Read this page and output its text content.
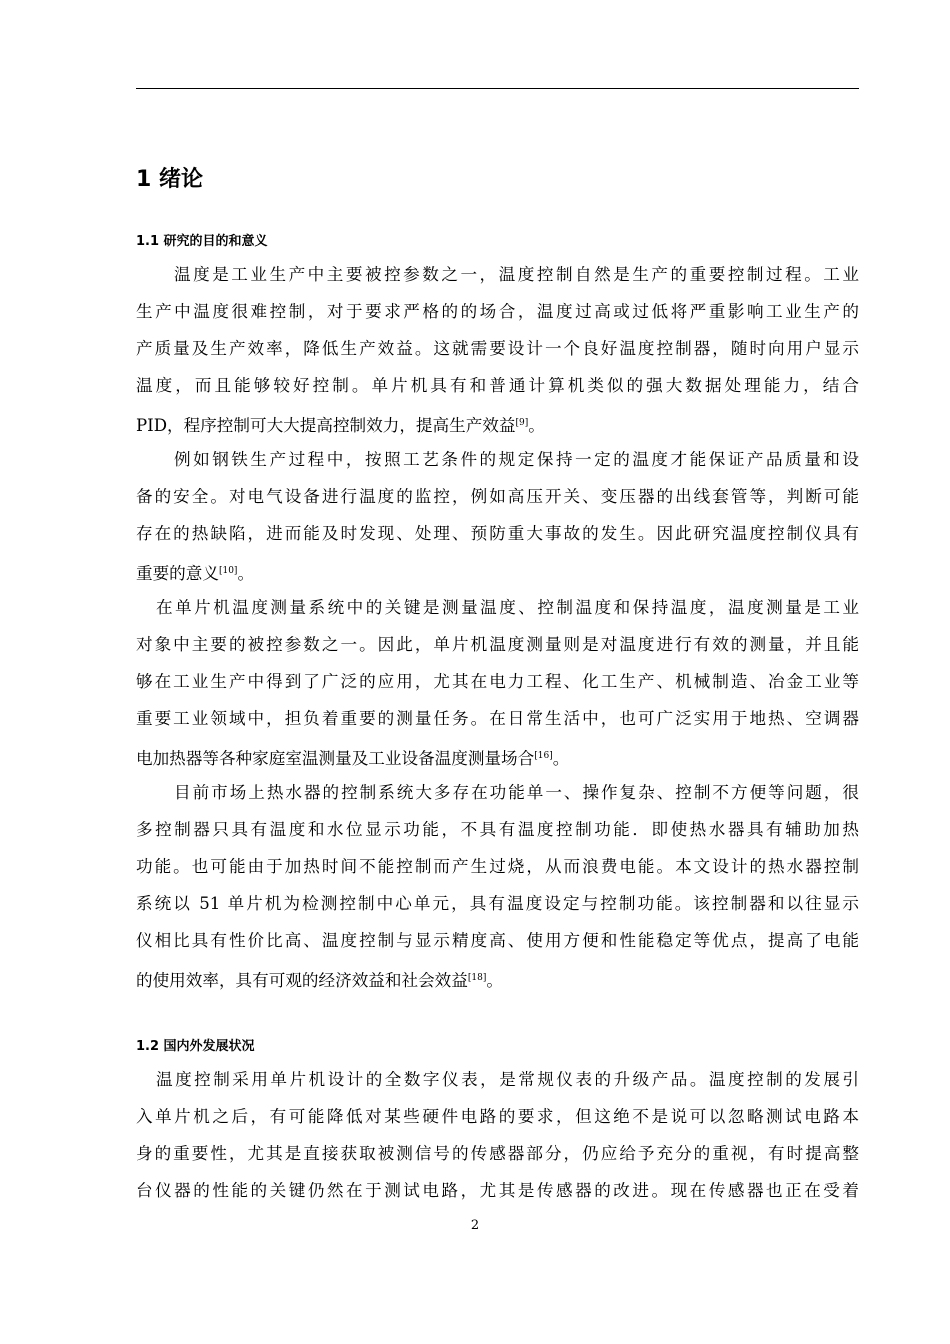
1 绪论
1.1 研究的目的和意义
温度是工业生产中主要被控参数之一，温度控制自然是生产的重要控制过程。工业
生产中温度很难控制，对于要求严格的的场合，温度过高或过低将严重影响工业生产的
产质量及生产效率，降低生产效益。这就需要设计一个良好温度控制器，随时向用户显示
温度，而且能够较好控制。单片机具有和普通计算机类似的强大数据处理能力，结合
PID，程序控制可大大提高控制效力，提高生产效益[9]。
例如钢铁生产过程中，按照工艺条件的规定保持一定的温度才能保证产品质量和设
备的安全。对电气设备进行温度的监控，例如高压开关、变压器的出线套管等，判断可能
存在的热缺陷，进而能及时发现、处理、预防重大事故的发生。因此研究温度控制仪具有
重要的意义[10]。
在单片机温度测量系统中的关键是测量温度、控制温度和保持温度，温度测量是工业
对象中主要的被控参数之一。因此，单片机温度测量则是对温度进行有效的测量，并且能
够在工业生产中得到了广泛的应用，尤其在电力工程、化工生产、机械制造、冶金工业等
重要工业领域中，担负着重要的测量任务。在日常生活中，也可广泛实用于地热、空调器
电加热器等各种家庭室温测量及工业设备温度测量场合[16]。
目前市场上热水器的控制系统大多存在功能单一、操作复杂、控制不方便等问题，很
多控制器只具有温度和水位显示功能，不具有温度控制功能．即使热水器具有辅助加热
功能。也可能由于加热时间不能控制而产生过烧，从而浪费电能。本文设计的热水器控制
系统以 51 单片机为检测控制中心单元，具有温度设定与控制功能。该控制器和以往显示
仪相比具有性价比高、温度控制与显示精度高、使用方便和性能稳定等优点，提高了电能
的使用效率，具有可观的经济效益和社会效益[18]。
1.2 国内外发展状况
温度控制采用单片机设计的全数字仪表，是常规仪表的升级产品。温度控制的发展引
入单片机之后，有可能降低对某些硬件电路的要求，但这绝不是说可以忽略测试电路本
身的重要性，尤其是直接获取被测信号的传感器部分，仍应给予充分的重视，有时提高整
台仪器的性能的关键仍然在于测试电路，尤其是传感器的改进。现在传感器也正在受着
2
